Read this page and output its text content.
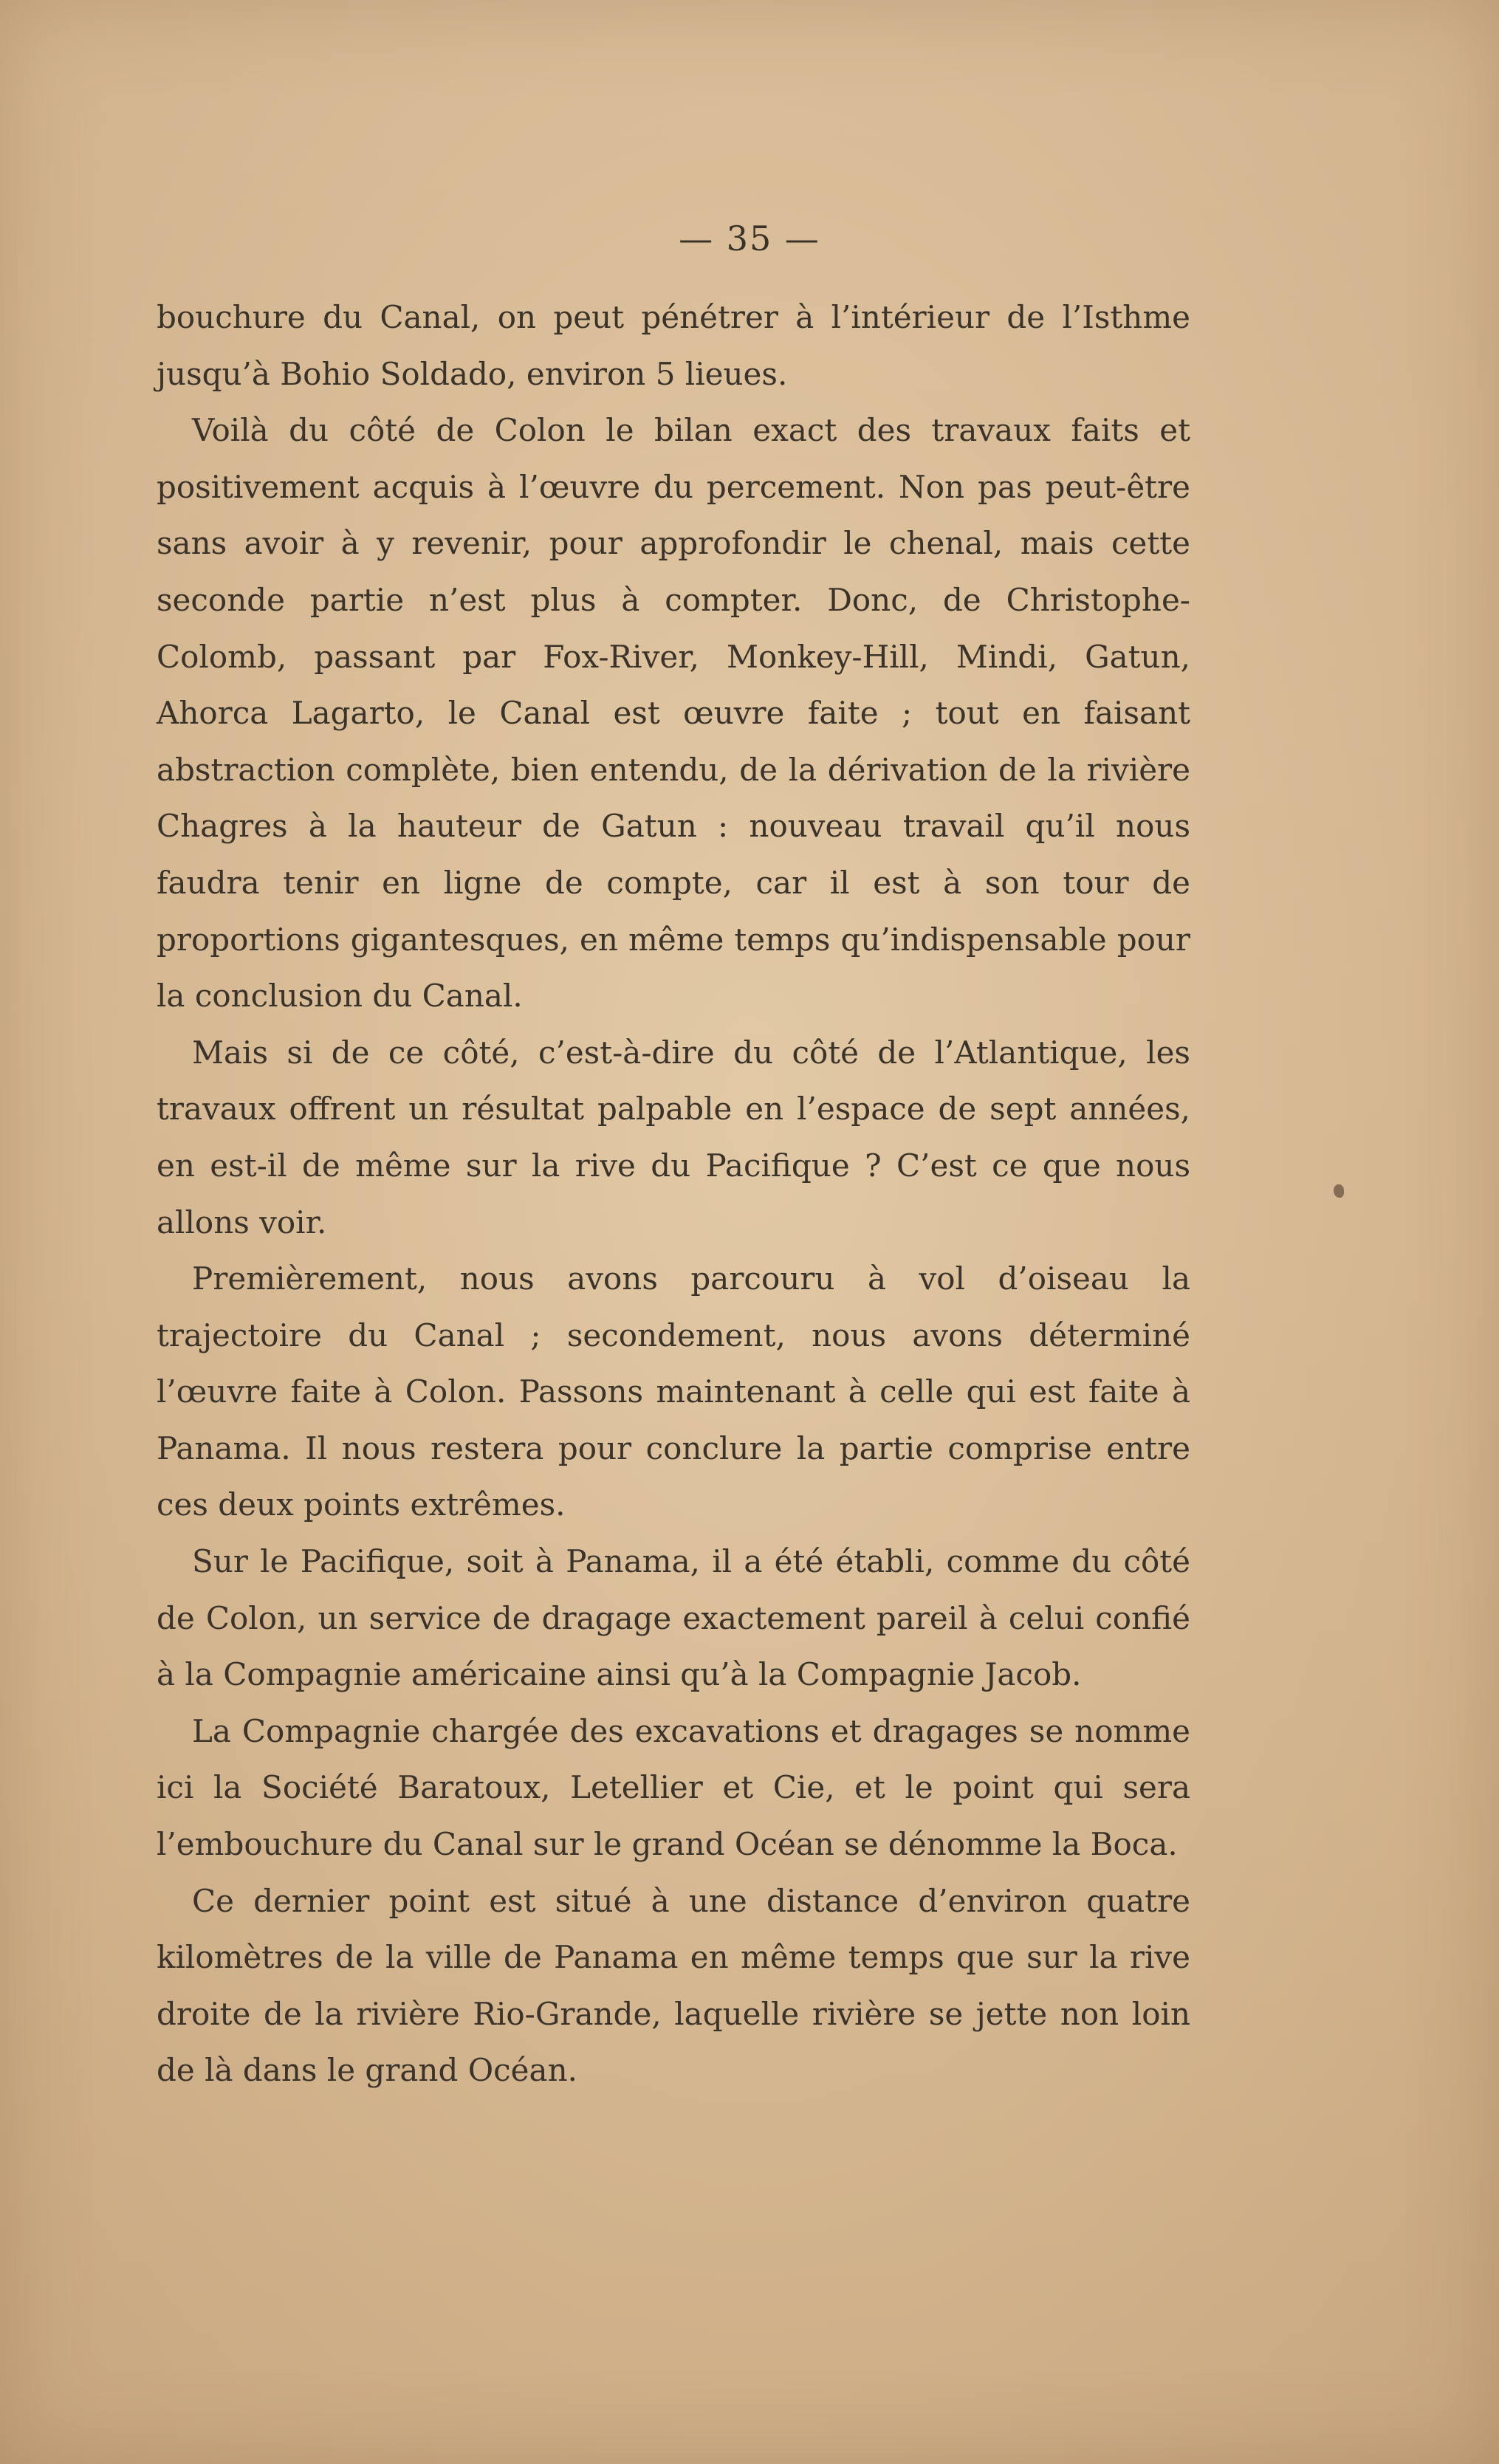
— 35 —

bouchure du Canal, on peut pénétrer à l’intérieur de l’Isthme jusqu’à Bohio Soldado, environ 5 lieues.

Voilà du côté de Colon le bilan exact des travaux faits et positivement acquis à l’œuvre du percement. Non pas peut-être sans avoir à y revenir, pour approfondir le chenal, mais cette seconde partie n’est plus à compter. Donc, de Christophe-Colomb, passant par Fox-River, Monkey-Hill, Mindi, Gatun, Ahorca Lagarto, le Canal est œuvre faite ; tout en faisant abstraction complète, bien entendu, de la dérivation de la rivière Chagres à la hauteur de Gatun : nouveau travail qu’il nous faudra tenir en ligne de compte, car il est à son tour de proportions gigantesques, en même temps qu’indispensable pour la conclusion du Canal.

Mais si de ce côté, c’est-à-dire du côté de l’Atlantique, les travaux offrent un résultat palpable en l’espace de sept années, en est-il de même sur la rive du Pacifique ? C’est ce que nous allons voir.

Premièrement, nous avons parcouru à vol d’oiseau la trajectoire du Canal ; secondement, nous avons déterminé l’œuvre faite à Colon. Passons maintenant à celle qui est faite à Panama. Il nous restera pour conclure la partie comprise entre ces deux points extrêmes.

Sur le Pacifique, soit à Panama, il a été établi, comme du côté de Colon, un service de dragage exactement pareil à celui confié à la Compagnie américaine ainsi qu’à la Compagnie Jacob.

La Compagnie chargée des excavations et dragages se nomme ici la Société Baratoux, Letellier et Cie, et le point qui sera l’embouchure du Canal sur le grand Océan se dénomme la Boca.

Ce dernier point est situé à une distance d’environ quatre kilomètres de la ville de Panama en même temps que sur la rive droite de la rivière Rio-Grande, laquelle rivière se jette non loin de là dans le grand Océan.
